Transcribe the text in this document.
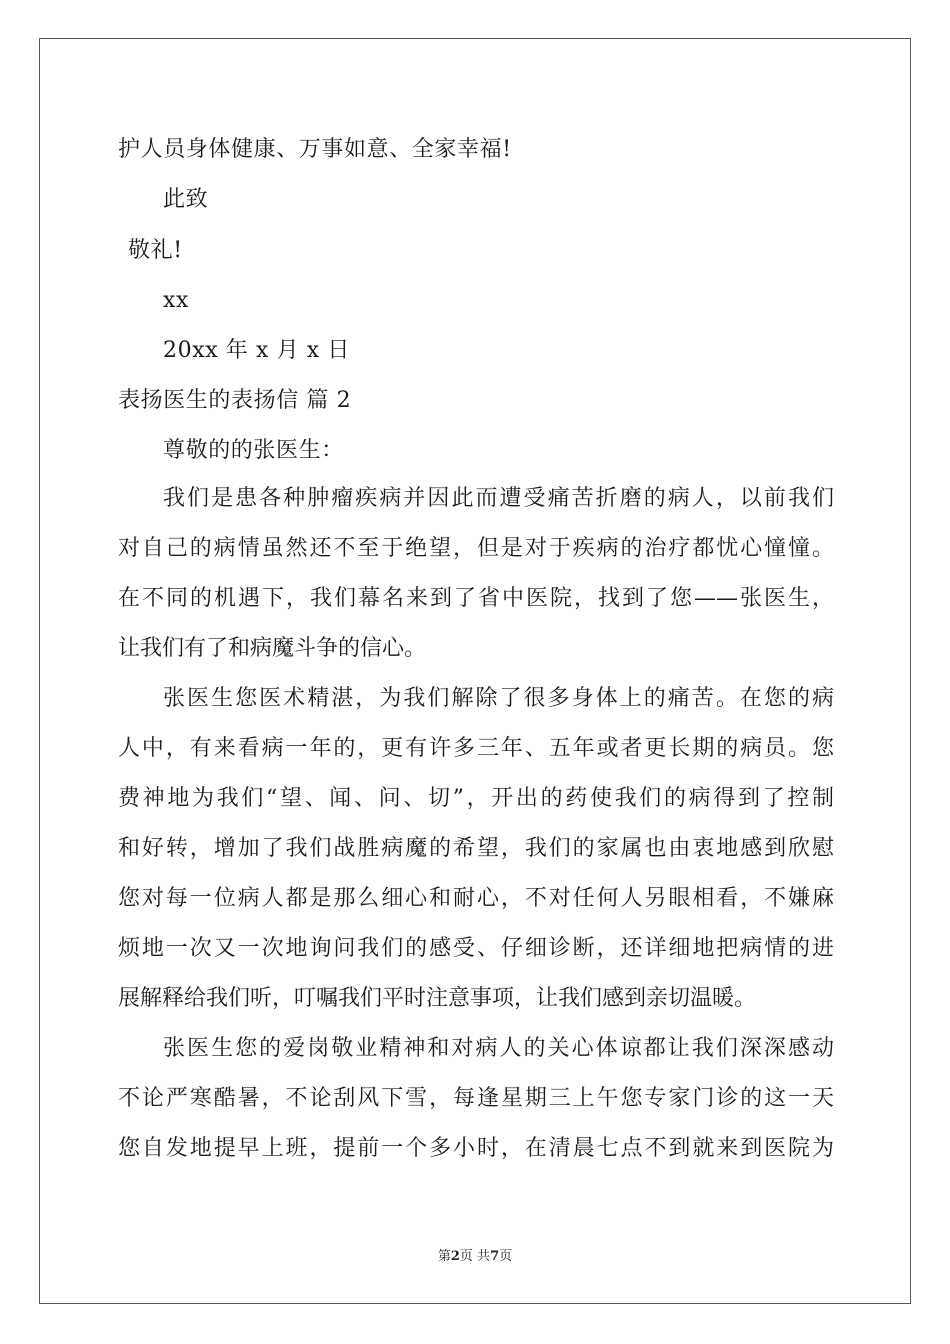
护人员身体健康、万事如意、全家幸福!
此致
敬礼!
xx
20xx 年 x 月 x 日
表扬医生的表扬信 篇 2
尊敬的的张医生：
我们是患各种肿瘤疾病并因此而遭受痛苦折磨的病人，以前我们
对自己的病情虽然还不至于绝望，但是对于疾病的治疗都忧心憧憧。
在不同的机遇下，我们幕名来到了省中医院，找到了您——张医生，
让我们有了和病魔斗争的信心。
张医生您医术精湛，为我们解除了很多身体上的痛苦。在您的病
人中，有来看病一年的，更有许多三年、五年或者更长期的病员。您
费神地为我们“望、闻、问、切”，开出的药使我们的病得到了控制
和好转，增加了我们战胜病魔的希望，我们的家属也由衷地感到欣慰
您对每一位病人都是那么细心和耐心，不对任何人另眼相看，不嫌麻
烦地一次又一次地询问我们的感受、仔细诊断，还详细地把病情的进
展解释给我们听，叮嘱我们平时注意事项，让我们感到亲切温暖。
张医生您的爱岗敬业精神和对病人的关心体谅都让我们深深感动
不论严寒酷暑，不论刮风下雪，每逢星期三上午您专家门诊的这一天
您自发地提早上班，提前一个多小时，在清晨七点不到就来到医院为
第2页 共7页
